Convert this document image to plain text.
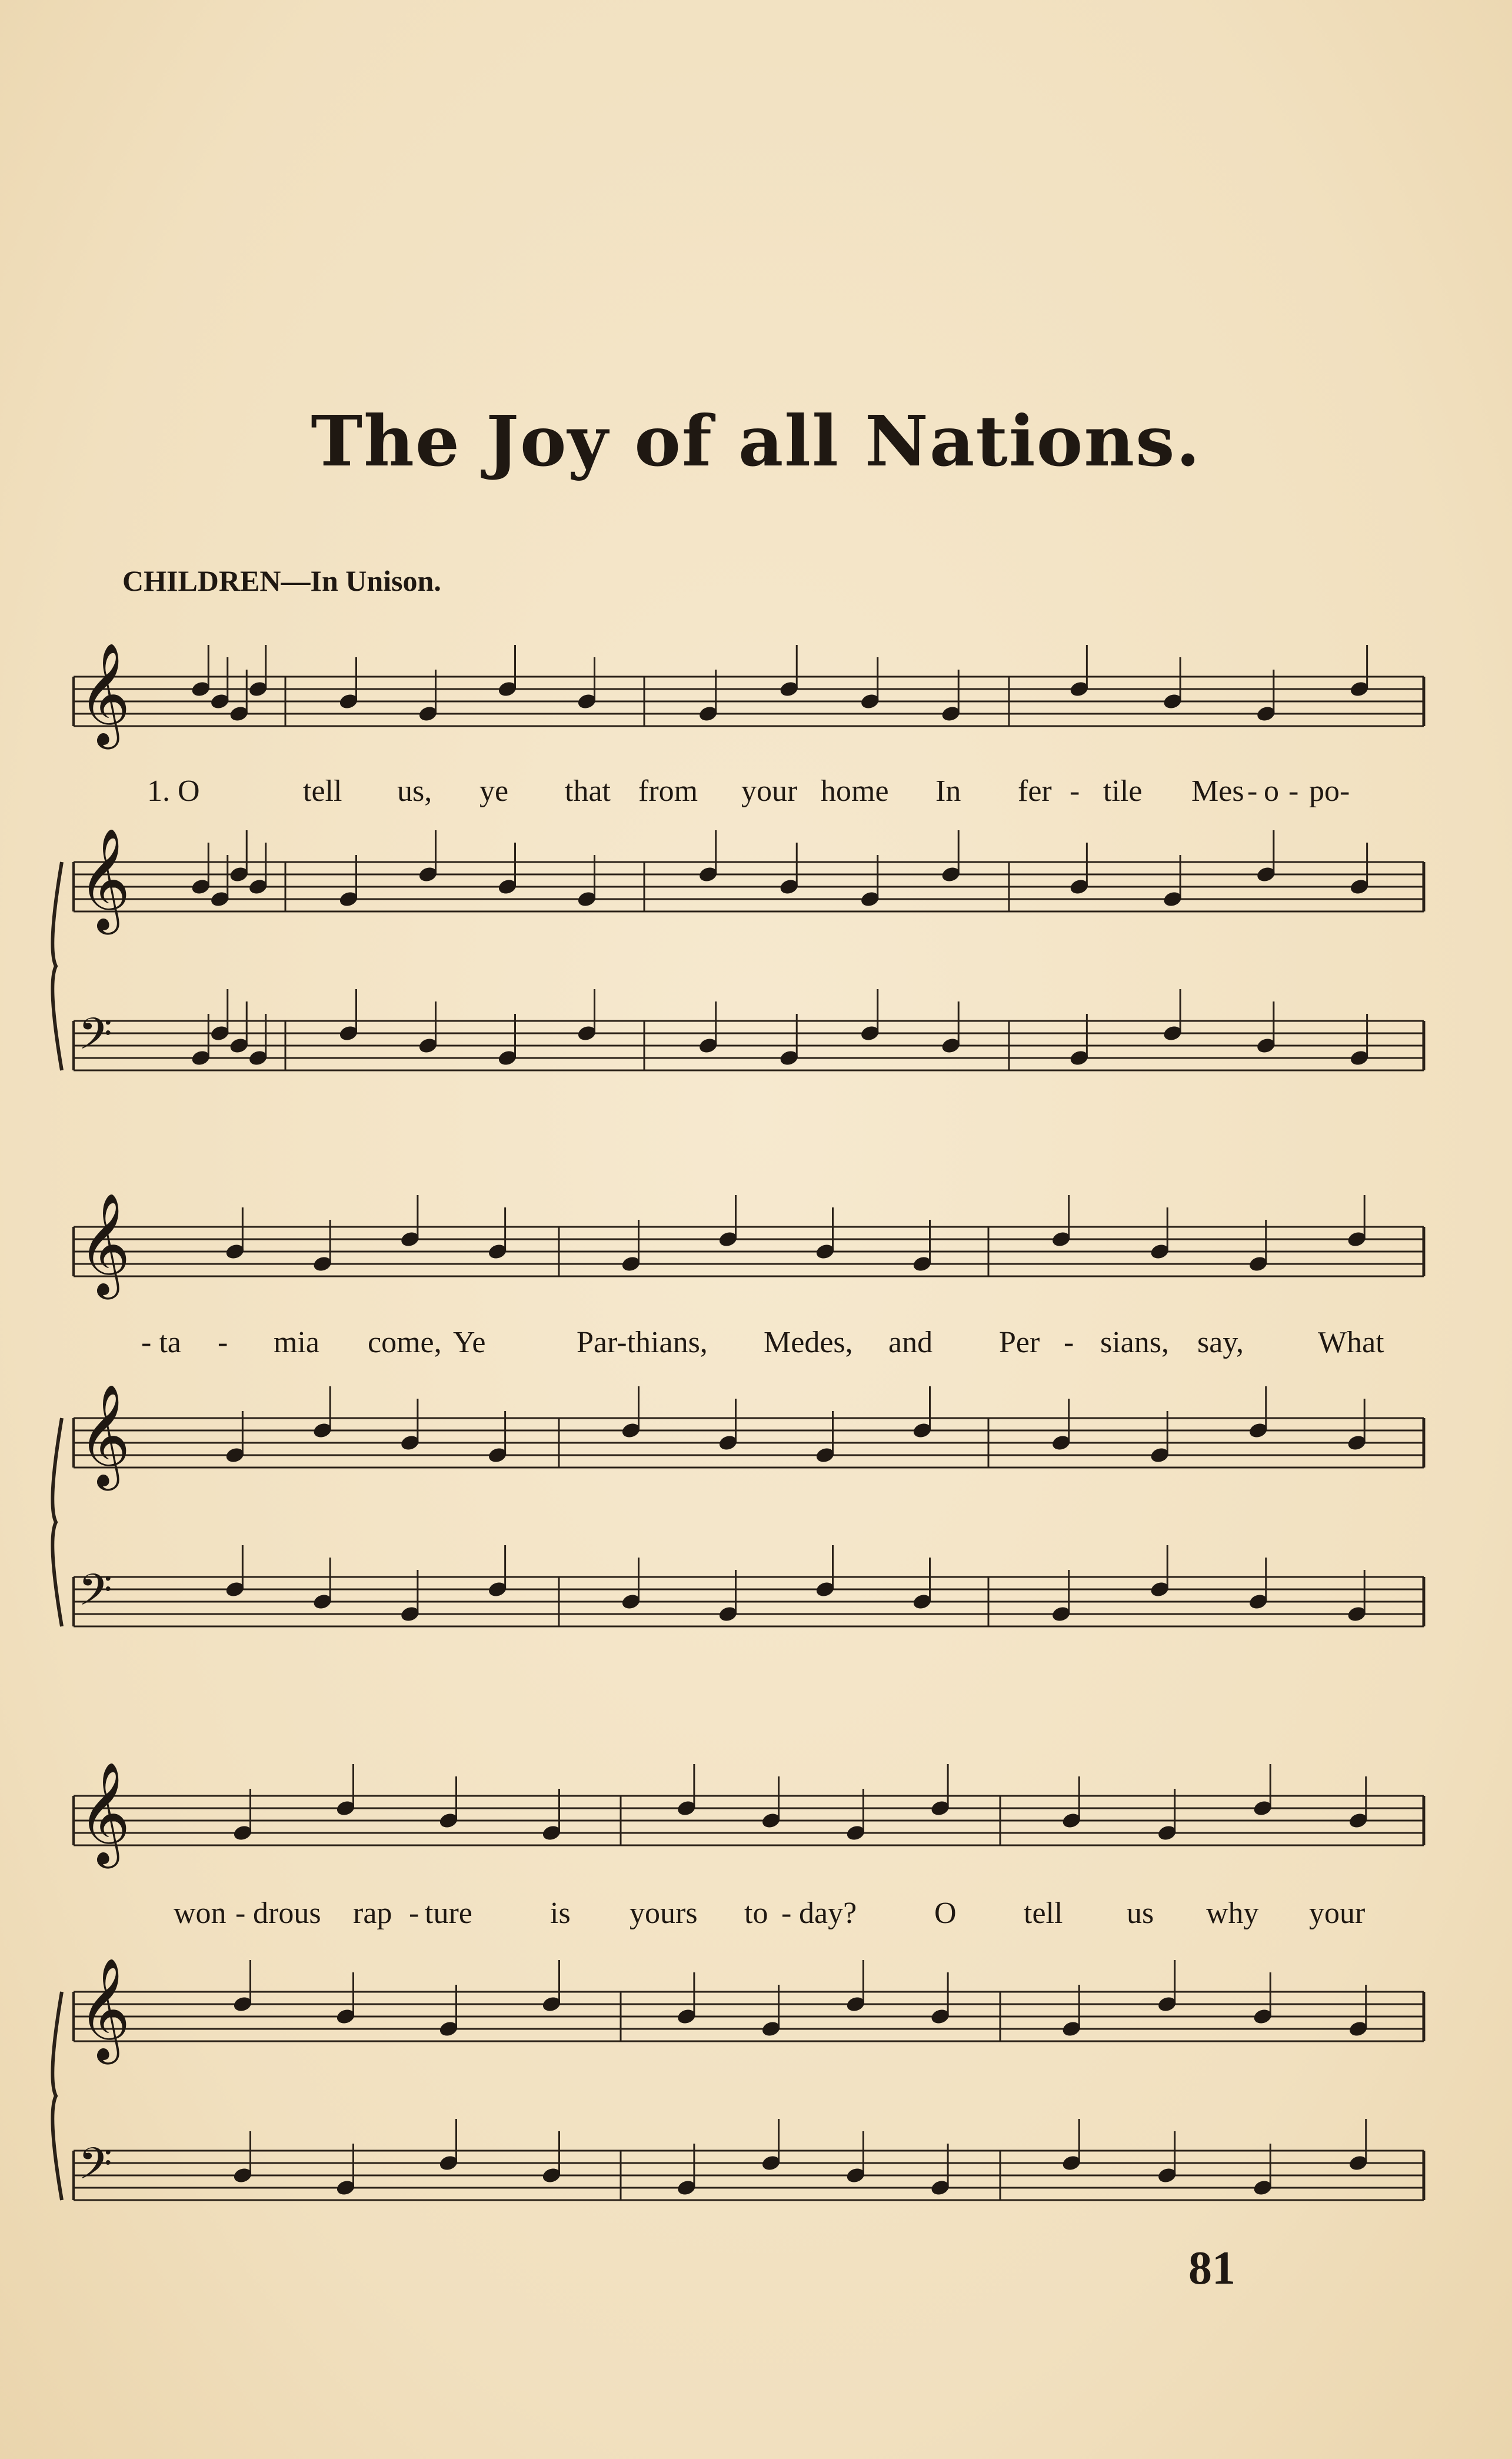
The Joy of all Nations.
CHILDREN—In Unison.
𝄞
𝄞
𝄢
𝄞
𝄞
𝄢
𝄞
𝄞
𝄢
1. O	tell us, ye that from your home In fer - tile Mes - o - po-
- ta - mia come, Ye	Par-thians, Medes, and Per - sians, say, What
won - drous rap - ture	is yours to - day?	O tell us why your
81
